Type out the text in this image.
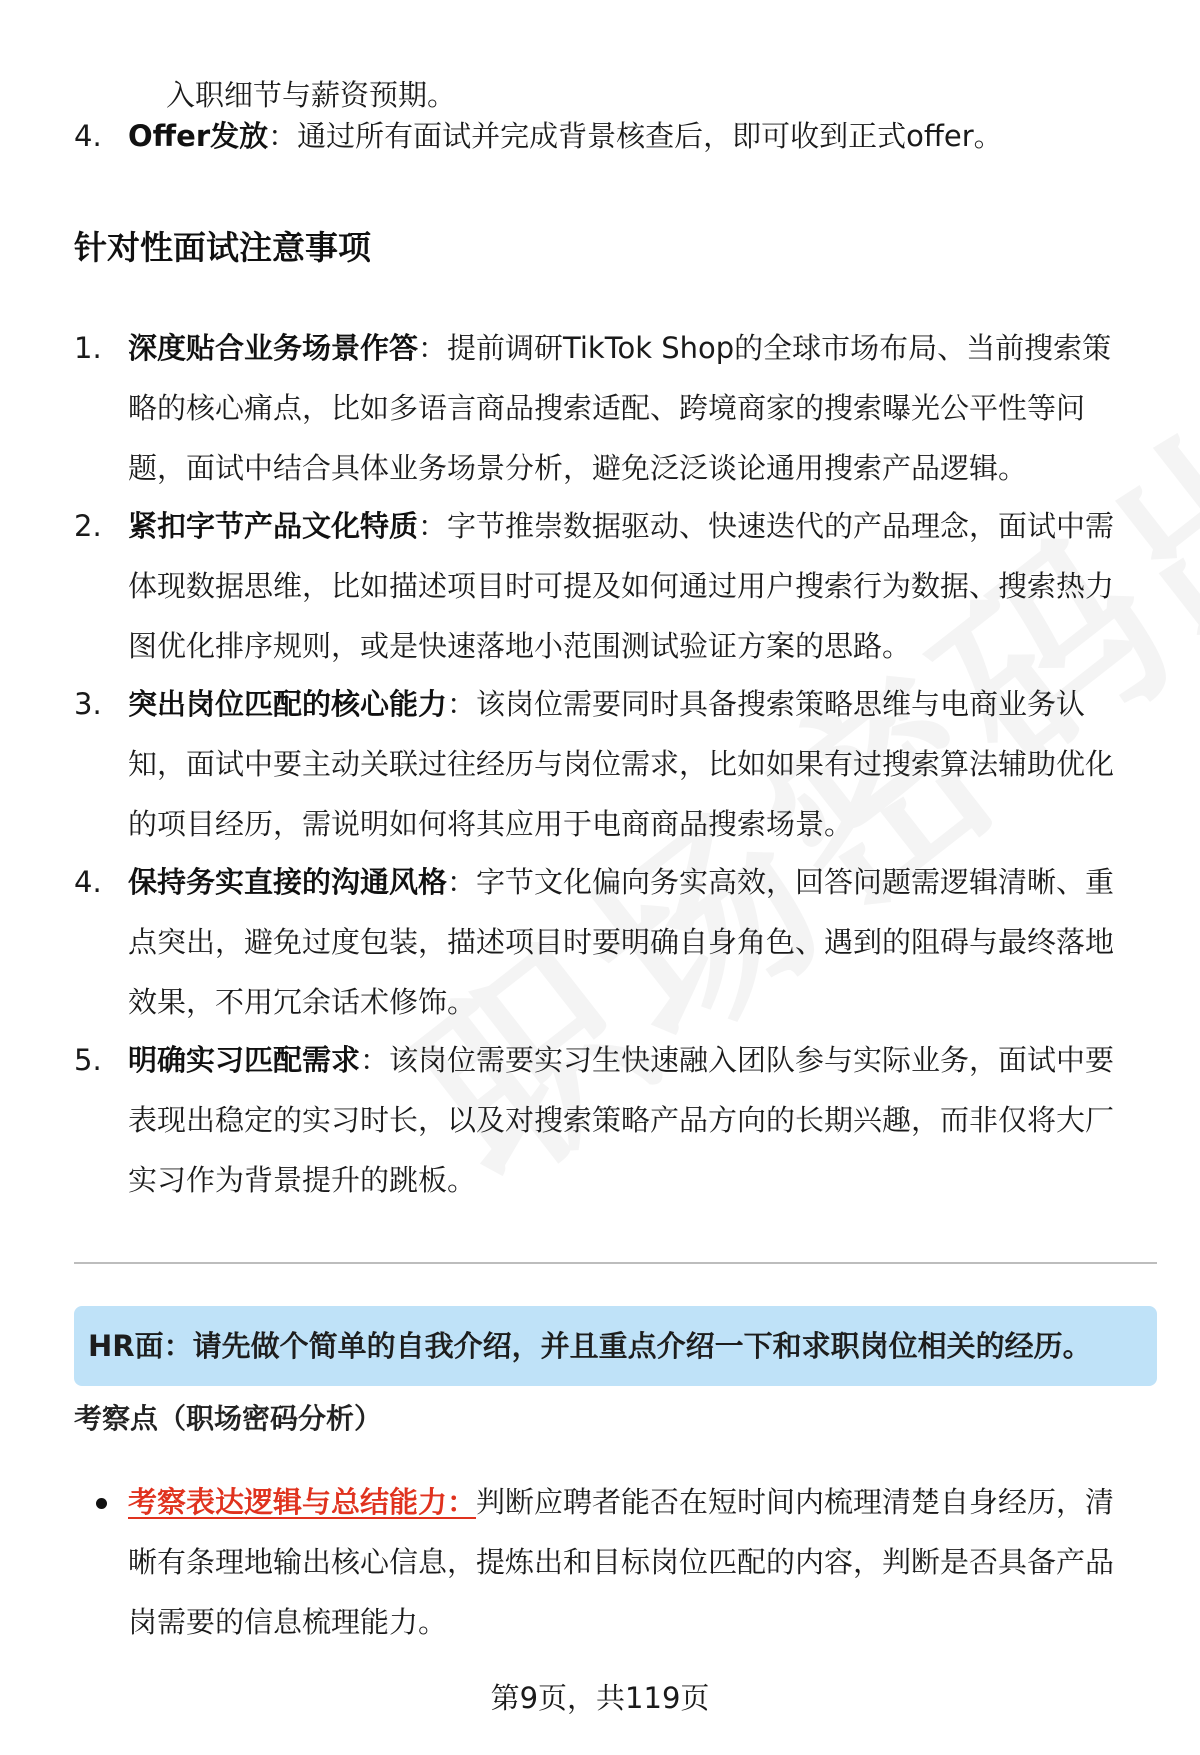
入职细节与薪资预期。
4. Offer发放：通过所有面试并完成背景核查后，即可收到正式offer。
针对性面试注意事项
1. 深度贴合业务场景作答：提前调研TikTok Shop的全球市场布局、当前搜索策略的核心痛点，比如多语言商品搜索适配、跨境商家的搜索曝光公平性等问题，面试中结合具体业务场景分析，避免泛泛谈论通用搜索产品逻辑。
2. 紧扣字节产品文化特质：字节推崇数据驱动、快速迭代的产品理念，面试中需体现数据思维，比如描述项目时可提及如何通过用户搜索行为数据、搜索热力图优化排序规则，或是快速落地小范围测试验证方案的思路。
3. 突出岗位匹配的核心能力：该岗位需要同时具备搜索策略思维与电商业务认知，面试中要主动关联过往经历与岗位需求，比如如果有过搜索算法辅助优化的项目经历，需说明如何将其应用于电商商品搜索场景。
4. 保持务实直接的沟通风格：字节文化偏向务实高效，回答问题需逻辑清晰、重点突出，避免过度包装，描述项目时要明确自身角色、遇到的阻碍与最终落地效果，不用冗余话术修饰。
5. 明确实习匹配需求：该岗位需要实习生快速融入团队参与实际业务，面试中要表现出稳定的实习时长，以及对搜索策略产品方向的长期兴趣，而非仅将大厂实习作为背景提升的跳板。
HR面：请先做个简单的自我介绍，并且重点介绍一下和求职岗位相关的经历。
考察点（职场密码分析）
考察表达逻辑与总结能力：判断应聘者能否在短时间内梳理清楚自身经历，清晰有条理地输出核心信息，提炼出和目标岗位匹配的内容，判断是否具备产品岗需要的信息梳理能力。
第9页，共119页
